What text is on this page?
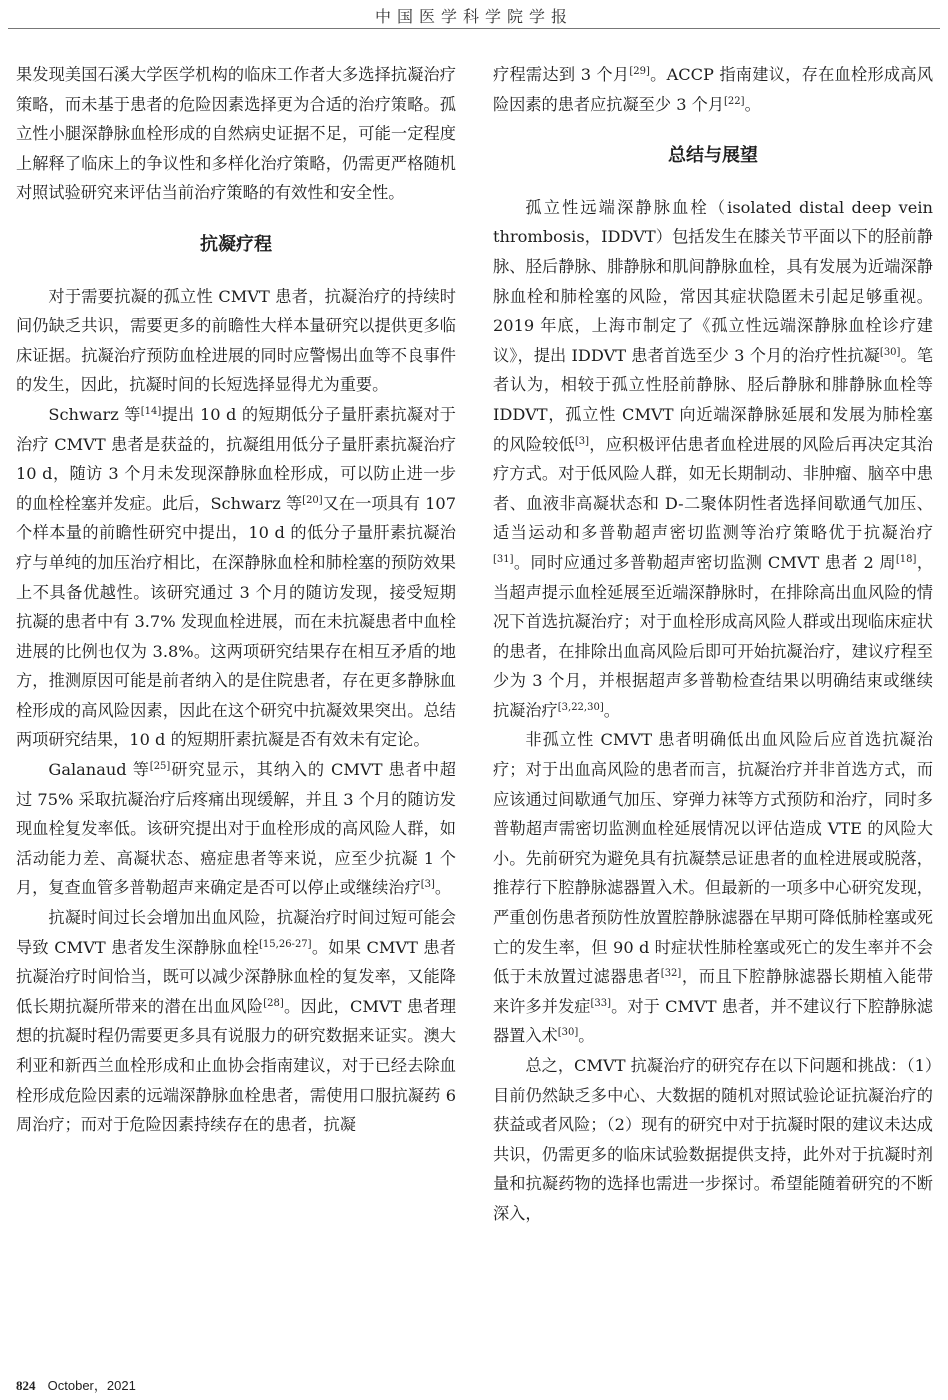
中国医学科学院学报

果发现美国石溪大学医学机构的临床工作者大多选择抗凝治疗策略，而未基于患者的危险因素选择更为合适的治疗策略。孤立性小腿深静脉血栓形成的自然病史证据不足，可能一定程度上解释了临床上的争议性和多样化治疗策略，仍需更严格随机对照试验研究来评估当前治疗策略的有效性和安全性。

抗凝疗程

对于需要抗凝的孤立性 CMVT 患者，抗凝治疗的持续时间仍缺乏共识，需要更多的前瞻性大样本量研究以提供更多临床证据。抗凝治疗预防血栓进展的同时应警惕出血等不良事件的发生，因此，抗凝时间的长短选择显得尤为重要。

Schwarz 等[14]提出 10 d 的短期低分子量肝素抗凝对于治疗 CMVT 患者是获益的，抗凝组用低分子量肝素抗凝治疗 10 d，随访 3 个月未发现深静脉血栓形成，可以防止进一步的血栓栓塞并发症。此后，Schwarz 等[20]又在一项具有 107 个样本量的前瞻性研究中提出，10 d 的低分子量肝素抗凝治疗与单纯的加压治疗相比，在深静脉血栓和肺栓塞的预防效果上不具备优越性。该研究通过 3 个月的随访发现，接受短期抗凝的患者中有 3.7% 发现血栓进展，而在未抗凝患者中血栓进展的比例也仅为 3.8%。这两项研究结果存在相互矛盾的地方，推测原因可能是前者纳入的是住院患者，存在更多静脉血栓形成的高风险因素，因此在这个研究中抗凝效果突出。总结两项研究结果，10 d 的短期肝素抗凝是否有效未有定论。

Galanaud 等[25]研究显示，其纳入的 CMVT 患者中超过 75% 采取抗凝治疗后疼痛出现缓解，并且 3 个月的随访发现血栓复发率低。该研究提出对于血栓形成的高风险人群，如活动能力差、高凝状态、癌症患者等来说，应至少抗凝 1 个月，复查血管多普勒超声来确定是否可以停止或继续治疗[3]。

抗凝时间过长会增加出血风险，抗凝治疗时间过短可能会导致 CMVT 患者发生深静脉血栓[15,26-27]。如果 CMVT 患者抗凝治疗时间恰当，既可以减少深静脉血栓的复发率，又能降低长期抗凝所带来的潜在出血风险[28]。因此，CMVT 患者理想的抗凝时程仍需要更多具有说服力的研究数据来证实。澳大利亚和新西兰血栓形成和止血协会指南建议，对于已经去除血栓形成危险因素的远端深静脉血栓患者，需使用口服抗凝药 6 周治疗；而对于危险因素持续存在的患者，抗凝

疗程需达到 3 个月[29]。ACCP 指南建议，存在血栓形成高风险因素的患者应抗凝至少 3 个月[22]。

总结与展望

孤立性远端深静脉血栓（isolated distal deep vein thrombosis，IDDVT）包括发生在膝关节平面以下的胫前静脉、胫后静脉、腓静脉和肌间静脉血栓，具有发展为近端深静脉血栓和肺栓塞的风险，常因其症状隐匿未引起足够重视。2019 年底，上海市制定了《孤立性远端深静脉血栓诊疗建议》，提出 IDDVT 患者首选至少 3 个月的治疗性抗凝[30]。笔者认为，相较于孤立性胫前静脉、胫后静脉和腓静脉血栓等 IDDVT，孤立性 CMVT 向近端深静脉延展和发展为肺栓塞的风险较低[3]，应积极评估患者血栓进展的风险后再决定其治疗方式。对于低风险人群，如无长期制动、非肿瘤、脑卒中患者、血液非高凝状态和 D-二聚体阴性者选择间歇通气加压、适当运动和多普勒超声密切监测等治疗策略优于抗凝治疗[31]。同时应通过多普勒超声密切监测 CMVT 患者 2 周[18]，当超声提示血栓延展至近端深静脉时，在排除高出血风险的情况下首选抗凝治疗；对于血栓形成高风险人群或出现临床症状的患者，在排除出血高风险后即可开始抗凝治疗，建议疗程至少为 3 个月，并根据超声多普勒检查结果以明确结束或继续抗凝治疗[3,22,30]。

非孤立性 CMVT 患者明确低出血风险后应首选抗凝治疗；对于出血高风险的患者而言，抗凝治疗并非首选方式，而应该通过间歇通气加压、穿弹力袜等方式预防和治疗，同时多普勒超声需密切监测血栓延展情况以评估造成 VTE 的风险大小。先前研究为避免具有抗凝禁忌证患者的血栓进展或脱落，推荐行下腔静脉滤器置入术。但最新的一项多中心研究发现，严重创伤患者预防性放置腔静脉滤器在早期可降低肺栓塞或死亡的发生率，但 90 d 时症状性肺栓塞或死亡的发生率并不会低于未放置过滤器患者[32]，而且下腔静脉滤器长期植入能带来许多并发症[33]。对于 CMVT 患者，并不建议行下腔静脉滤器置入术[30]。

总之，CMVT 抗凝治疗的研究存在以下问题和挑战：（1）目前仍然缺乏多中心、大数据的随机对照试验论证抗凝治疗的获益或者风险；（2）现有的研究中对于抗凝时限的建议未达成共识，仍需更多的临床试验数据提供支持，此外对于抗凝时剂量和抗凝药物的选择也需进一步探讨。希望能随着研究的不断深入，

824 October，2021
